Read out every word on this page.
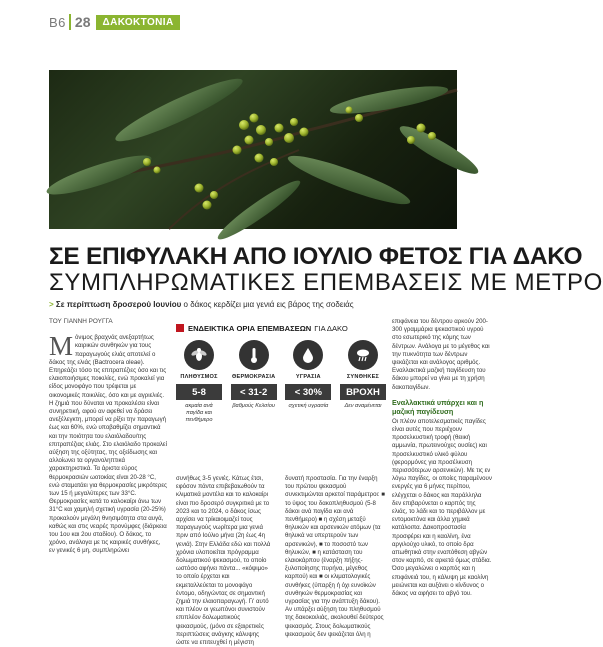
B6 28	ΔΑΚΟΚΤΟΝΙΑ
ΣΕ ΕΠΙΦΥΛΑΚΗ ΑΠΟ ΙΟΥΛΙΟ ΦΕΤΟΣ ΓΙΑ ΔΑΚΟ
ΣΥΜΠΛΗΡΩΜΑΤΙΚΕΣ ΕΠΕΜΒΑΣΕΙΣ ΜΕ ΜΕΤΡΟ
> Σε περίπτωση δροσερού Ιουνίου ο δάκος κερδίζει μια γενιά εις βάρος της σοδειάς
ΤΟΥ ΓΙΑΝΝΗ ΡΟΥΓΓΑ
Μ όνιμος βραχνάς ανεξαρτήτως καιρικών συνθηκών για τους παραγωγούς ελιάς αποτελεί ο δάκος της ελιάς (Bactrocera oleae). Επηρεάζει τόσο τις επιτραπέζιες όσο και τις ελαιοποιήσιμες ποικιλίες, ενώ προκαλεί για είδος μονοφάγο που τρέφεται με οικονομικές ποικιλίες, όσο και με αγριελιές. Η ζημιά που δύναται να προκαλέσει είναι συνηρετική, αφού αν αφεθεί να δράσει ανεξέλεγκτη, μπορεί να ρίξει την παραγωγή έως και 60%, ενώ υποβαθμίζει σημαντικά και την ποιότητα του ελαιόλαδου/της επιτραπέζιας ελιάς. Στο ελαιόλαδο προκαλεί αύξηση της οξύτητας, της οξείδωσης και αλλοίωνει τα οργανοληπτικά χαρακτηριστικά. Τα άριστα εύρος θερμοκρασιών ωοτοκίας είναι 20-28 °C, ενώ σταματάει για θερμοκρασίες μικρότερες των 15 ή μεγαλύτερες των 33°C. Θερμοκρασίες κατά το καλοκαίρι άνω των 31°C και χαμηλή σχετική υγρασία (20-25%) προκαλούν μεγάλη θνησιμότητα στα αυγά, καθώς και στις νεαρές προνύμφες (διάρκεια του 1ου και 2ου σταδίου). Ο δάκος, το χρόνο, ανάλογα με τις καιρικές συνθήκες, εν γενικές 6 μη, συμπληρώνει

ΕΝΔΕΙΚΤΙΚΑ ΟΡΙΑ ΕΠΕΜΒΑΣΕΩΝ ΓΙΑ ΔΑΚΟ
ΠΛΗΘΥΣΜΟΣ
5-8
ακμαία ανά παγίδα και πενθήμερο
ΘΕΡΜΟΚΡΑΣΙΑ
< 31-2
βαθμούς Κελσίου
ΥΓΡΑΣΙΑ
< 30%
σχετική υγρασία
ΣΥΝΘΗΚΕΣ
ΒΡΟΧΗ
Δεν αναμένεται

συνήθως 3-5 γενιές. Κάτως έτσι, εφόσον πάντα επιβεβαιωθούν τα κλιματικά μοντέλα και το καλοκαίρι είναι πιο δροσερό συγκριτικά με το 2023 και το 2024, ο δάκος ίσως αρχίσει να τρίκαιοιμαζεί τους παραγωγούς νωρίτερα μια γενιά πριν από Ιούλιο μήνα (2η έως 4η γενιά). Στην Ελλάδα εδώ και πολλά χρόνια υλοποιείται πρόγραμμα δολωματικού ψεκασμού, το οποίο ωστόσο αφήνει πάντα... «κόψιμο» το οποίο έρχεται και εκμεταλλεύεται το μονοφάγο έντομο, οδηγώντας σε σημαντική ζημιά την ελαιοπαραγωγή. Γι' αυτό και πλέον οι γεωπόνοι συνιστούν επιπλέον δολωματικούς ψεκασμούς, (μόνο σε εξαιρετικές περιπτώσεις ανάγκης κάλυψης ώστε να επιτευχθεί η μέγιστη

δυνατή προστασία. Για την έναρξη του πρώτου ψεκασμού συνεκτιμώνται αρκετοί παράμετροι: ■ το ύψος του δακοπληθυσμού (5-8 δάκοι ανά παγίδα και ανά πενθήμερο) ■ η σχέση μεταξύ θηλυκών και αρσενικών ατόμων (τα θηλυκά να υπερτερούν των αρσενικών), ■ το ποσοστό των θηλυκών, ■ η κατάσταση του ελαιοκάρπου (έναρξη πήξης-ξυλοποίησης πυρήνα, μέγεθος καρπού) και ■ οι κλιματολογικές συνθήκες (ύπαρξη ή όχι ευνοϊκών συνθηκών θερμοκρασίας και υγρασίας για την ανάπτυξη δάκου). Αν υπάρξει αύξηση του πληθυσμού της δακοκοιλιάς, ακολουθεί δεύτερος ψεκασμός. Στους δολωματικούς ψεκασμούς δεν ψεκάζεται όλη η

επιφάνεια του δέντρου αρκούν 200-300 γραμμάρια ψεκαστικού υγρού στο εσωτερικό της κόμης των δέντρων. Ανάλογα με το μέγεθος και την πυκνότητα των δέντρων ψεκάζεται και ανάλογος αριθμός. Εναλλακτικά μαζική παγίδευση του δάκου μπορεί να γίνει με τη χρήση δακοπαγίδων.

Εναλλακτικά υπάρχει και η μαζική παγίδευση

Οι πλέον αποτελεσματικές παγίδες είναι αυτές που περιέχουν προσελκυστική τροφή (θειική αμμωνία, πρωτεινούχες ουσίες) και προσελκυστικό υλικό φύλου (φερορμόνες για προσέλκυση περισσότερων αρσενικών). Με τις εν λόγω παγίδες, οι οποίες παραμένουν ενεργές για 6 μήνες περίπου, ελέγχεται ο δάκος και παράλληλα δεν επιβαρύνεται ο καρπός της ελιάς, το λάδι και το περιβάλλον με εντομοκτόνα και άλλα χημικά κατάλοιπα. Δακοπροστασία προσφέρει και η καολίνη, ένα αργιλούχο υλικό, το οποίο δρα απωθητικά στην εναπόθεση αβγών στον καρπό, σε αρκετά όμως στάδια. Όσο μεγαλώνει ο καρπός και η επιφάνειά του, η κάλυψη με καολίνη μειώνεται και αυξάνει ο κίνδυνος ο δάκος να αφήσει το αβγό του.
